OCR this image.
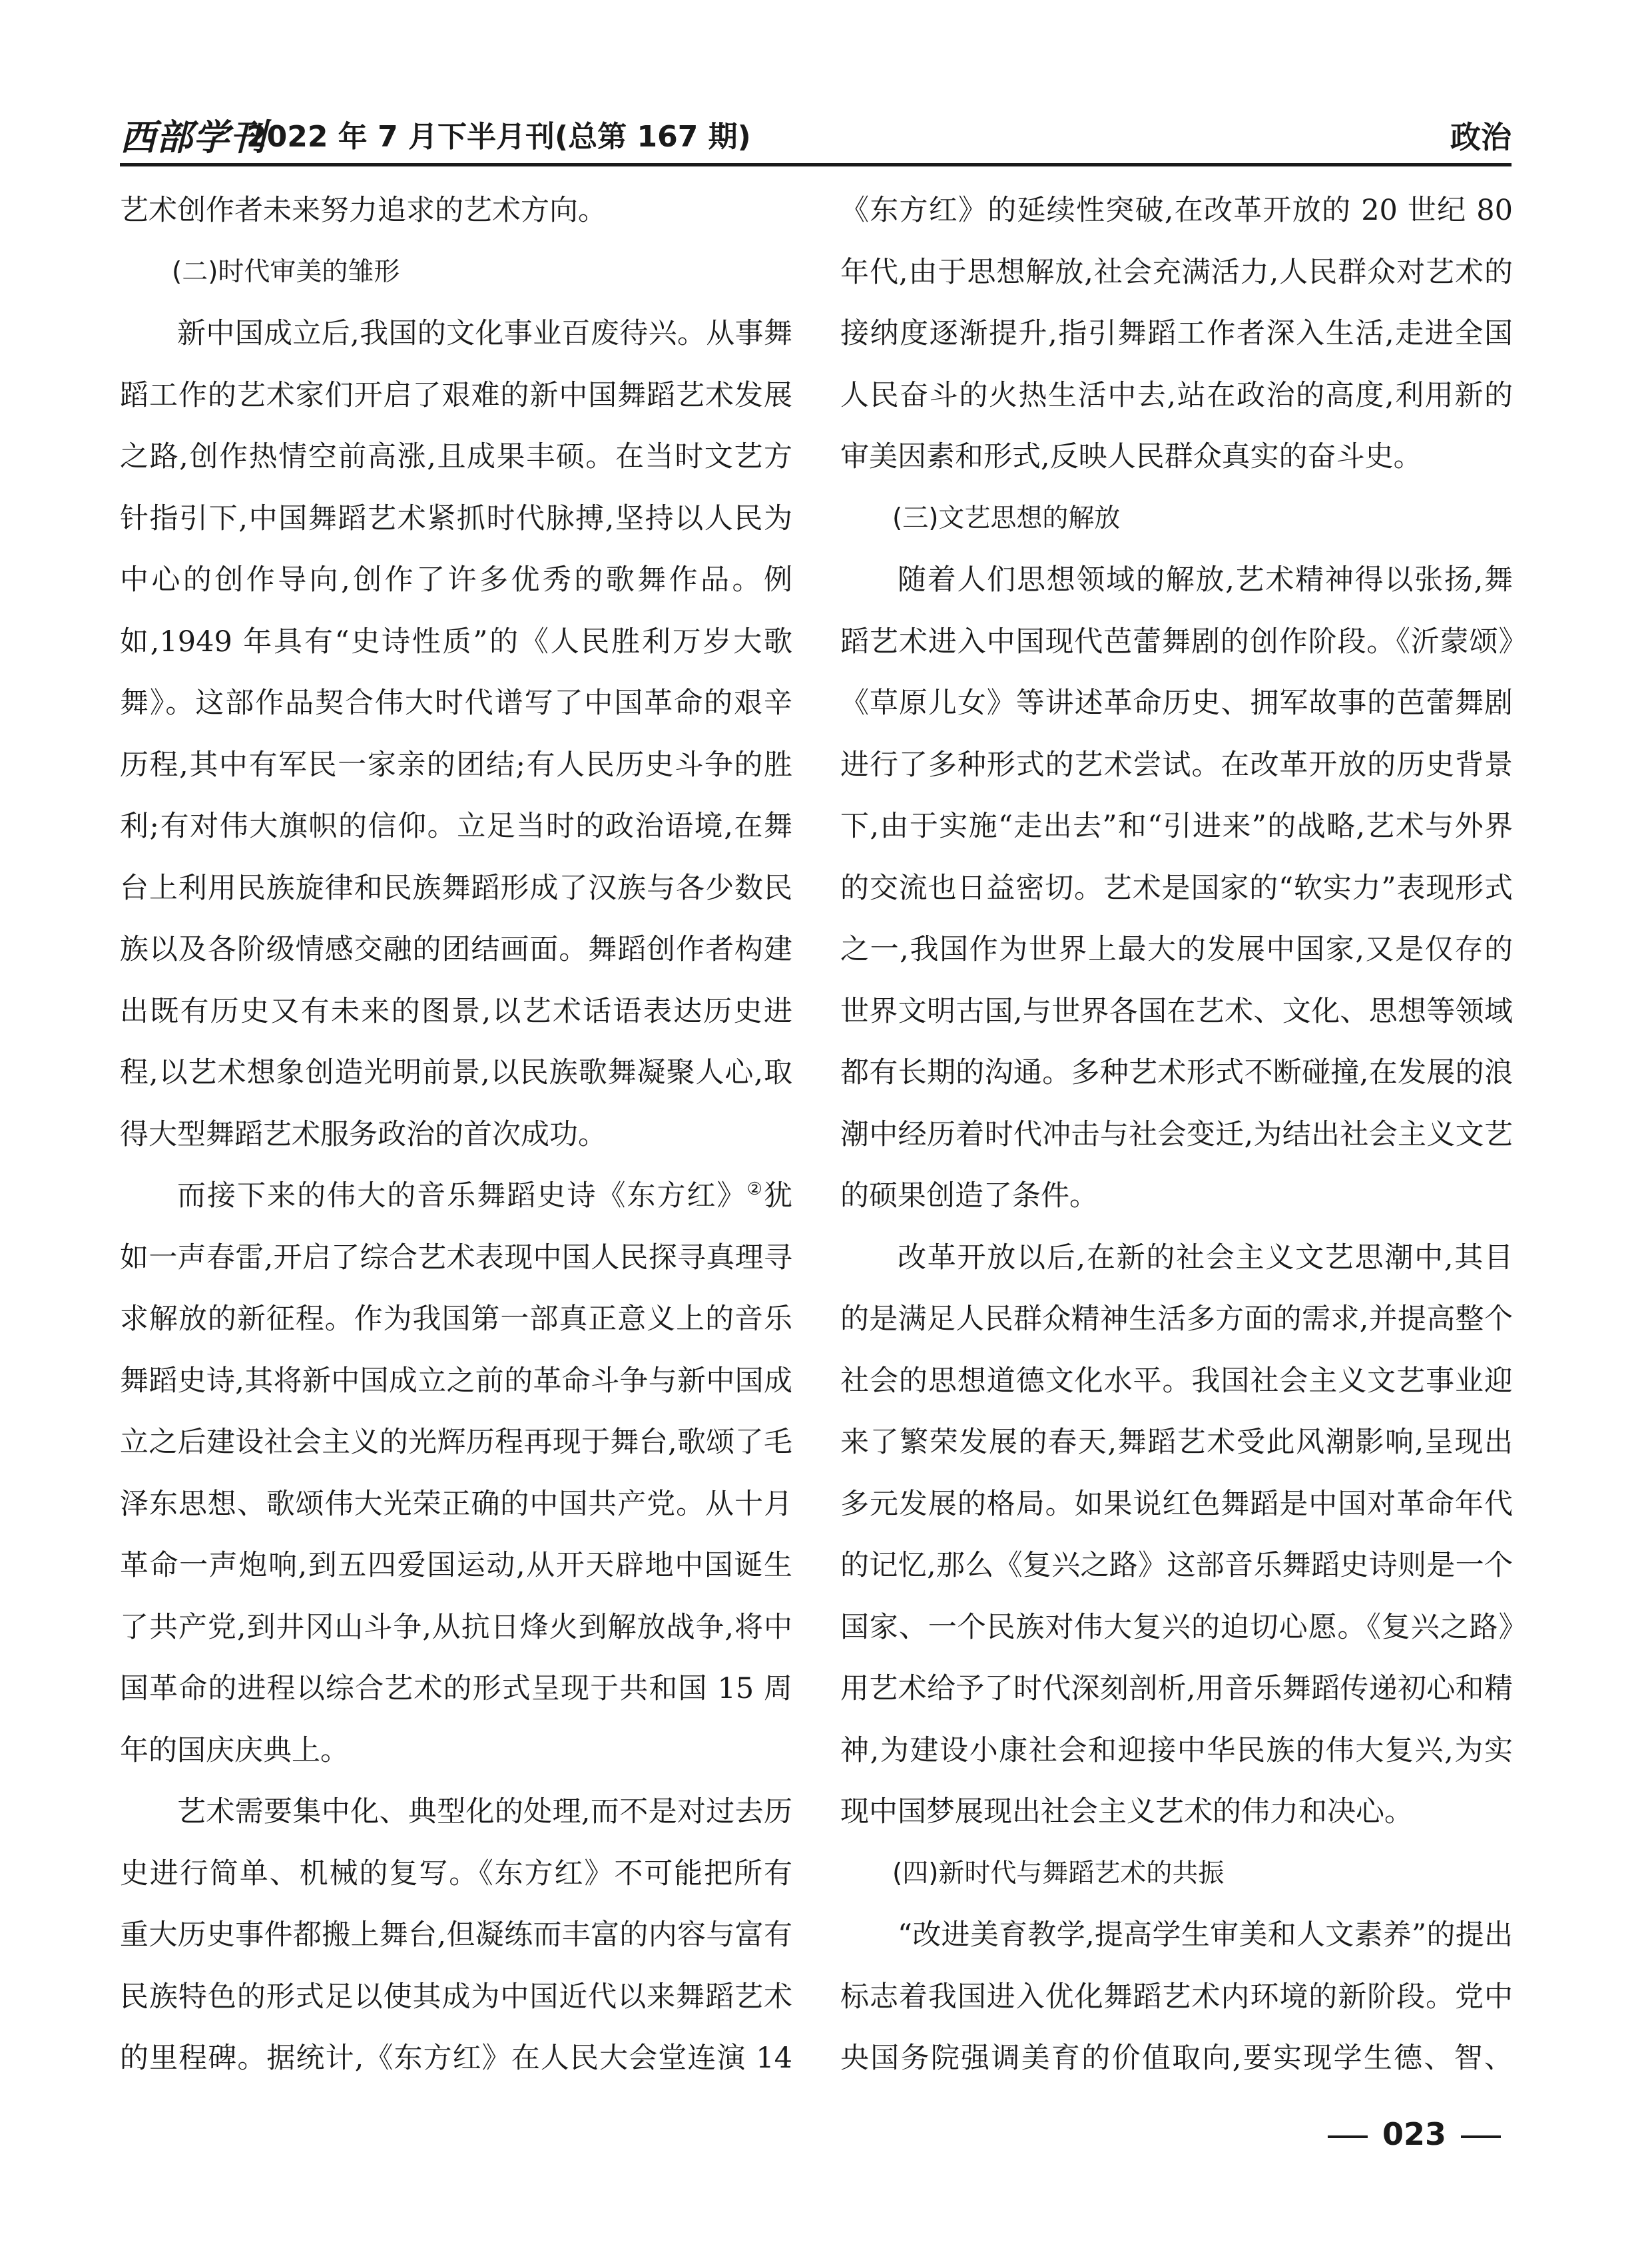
西部学刊
2022 年 7 月下半月刊(总第 167 期)	政治

艺术创作者未来努力追求的艺术方向。

(二)时代审美的雏形

新中国成立后,我国的文化事业百废待兴。从事舞蹈工作的艺术家们开启了艰难的新中国舞蹈艺术发展之路,创作热情空前高涨,且成果丰硕。在当时文艺方针指引下,中国舞蹈艺术紧抓时代脉搏,坚持以人民为中心的创作导向,创作了许多优秀的歌舞作品。例如,1949 年具有“史诗性质”的《人民胜利万岁大歌舞》。这部作品契合伟大时代谱写了中国革命的艰辛历程,其中有军民一家亲的团结;有人民历史斗争的胜利;有对伟大旗帜的信仰。立足当时的政治语境,在舞台上利用民族旋律和民族舞蹈形成了汉族与各少数民族以及各阶级情感交融的团结画面。舞蹈创作者构建出既有历史又有未来的图景,以艺术话语表达历史进程,以艺术想象创造光明前景,以民族歌舞凝聚人心,取得大型舞蹈艺术服务政治的首次成功。

而接下来的伟大的音乐舞蹈史诗《东方红》②犹如一声春雷,开启了综合艺术表现中国人民探寻真理寻求解放的新征程。作为我国第一部真正意义上的音乐舞蹈史诗,其将新中国成立之前的革命斗争与新中国成立之后建设社会主义的光辉历程再现于舞台,歌颂了毛泽东思想、歌颂伟大光荣正确的中国共产党。从十月革命一声炮响,到五四爱国运动,从开天辟地中国诞生了共产党,到井冈山斗争,从抗日烽火到解放战争,将中国革命的进程以综合艺术的形式呈现于共和国 15 周年的国庆庆典上。

艺术需要集中化、典型化的处理,而不是对过去历史进行简单、机械的复写。《东方红》不可能把所有重大历史事件都搬上舞台,但凝练而丰富的内容与富有民族特色的形式足以使其成为中国近代以来舞蹈艺术的里程碑。据统计,《东方红》在人民大会堂连演 14

《东方红》的延续性突破,在改革开放的 20 世纪 80 年代,由于思想解放,社会充满活力,人民群众对艺术的接纳度逐渐提升,指引舞蹈工作者深入生活,走进全国人民奋斗的火热生活中去,站在政治的高度,利用新的审美因素和形式,反映人民群众真实的奋斗史。

(三)文艺思想的解放

随着人们思想领域的解放,艺术精神得以张扬,舞蹈艺术进入中国现代芭蕾舞剧的创作阶段。《沂蒙颂》《草原儿女》等讲述革命历史、拥军故事的芭蕾舞剧进行了多种形式的艺术尝试。在改革开放的历史背景下,由于实施“走出去”和“引进来”的战略,艺术与外界的交流也日益密切。艺术是国家的“软实力”表现形式之一,我国作为世界上最大的发展中国家,又是仅存的世界文明古国,与世界各国在艺术、文化、思想等领域都有长期的沟通。多种艺术形式不断碰撞,在发展的浪潮中经历着时代冲击与社会变迁,为结出社会主义文艺的硕果创造了条件。

改革开放以后,在新的社会主义文艺思潮中,其目的是满足人民群众精神生活多方面的需求,并提高整个社会的思想道德文化水平。我国社会主义文艺事业迎来了繁荣发展的春天,舞蹈艺术受此风潮影响,呈现出多元发展的格局。如果说红色舞蹈是中国对革命年代的记忆,那么《复兴之路》这部音乐舞蹈史诗则是一个国家、一个民族对伟大复兴的迫切心愿。《复兴之路》用艺术给予了时代深刻剖析,用音乐舞蹈传递初心和精神,为建设小康社会和迎接中华民族的伟大复兴,为实现中国梦展现出社会主义艺术的伟力和决心。

(四)新时代与舞蹈艺术的共振

“改进美育教学,提高学生审美和人文素养”的提出标志着我国进入优化舞蹈艺术内环境的新阶段。党中央国务院强调美育的价值取向,要实现学生德、智、

023
